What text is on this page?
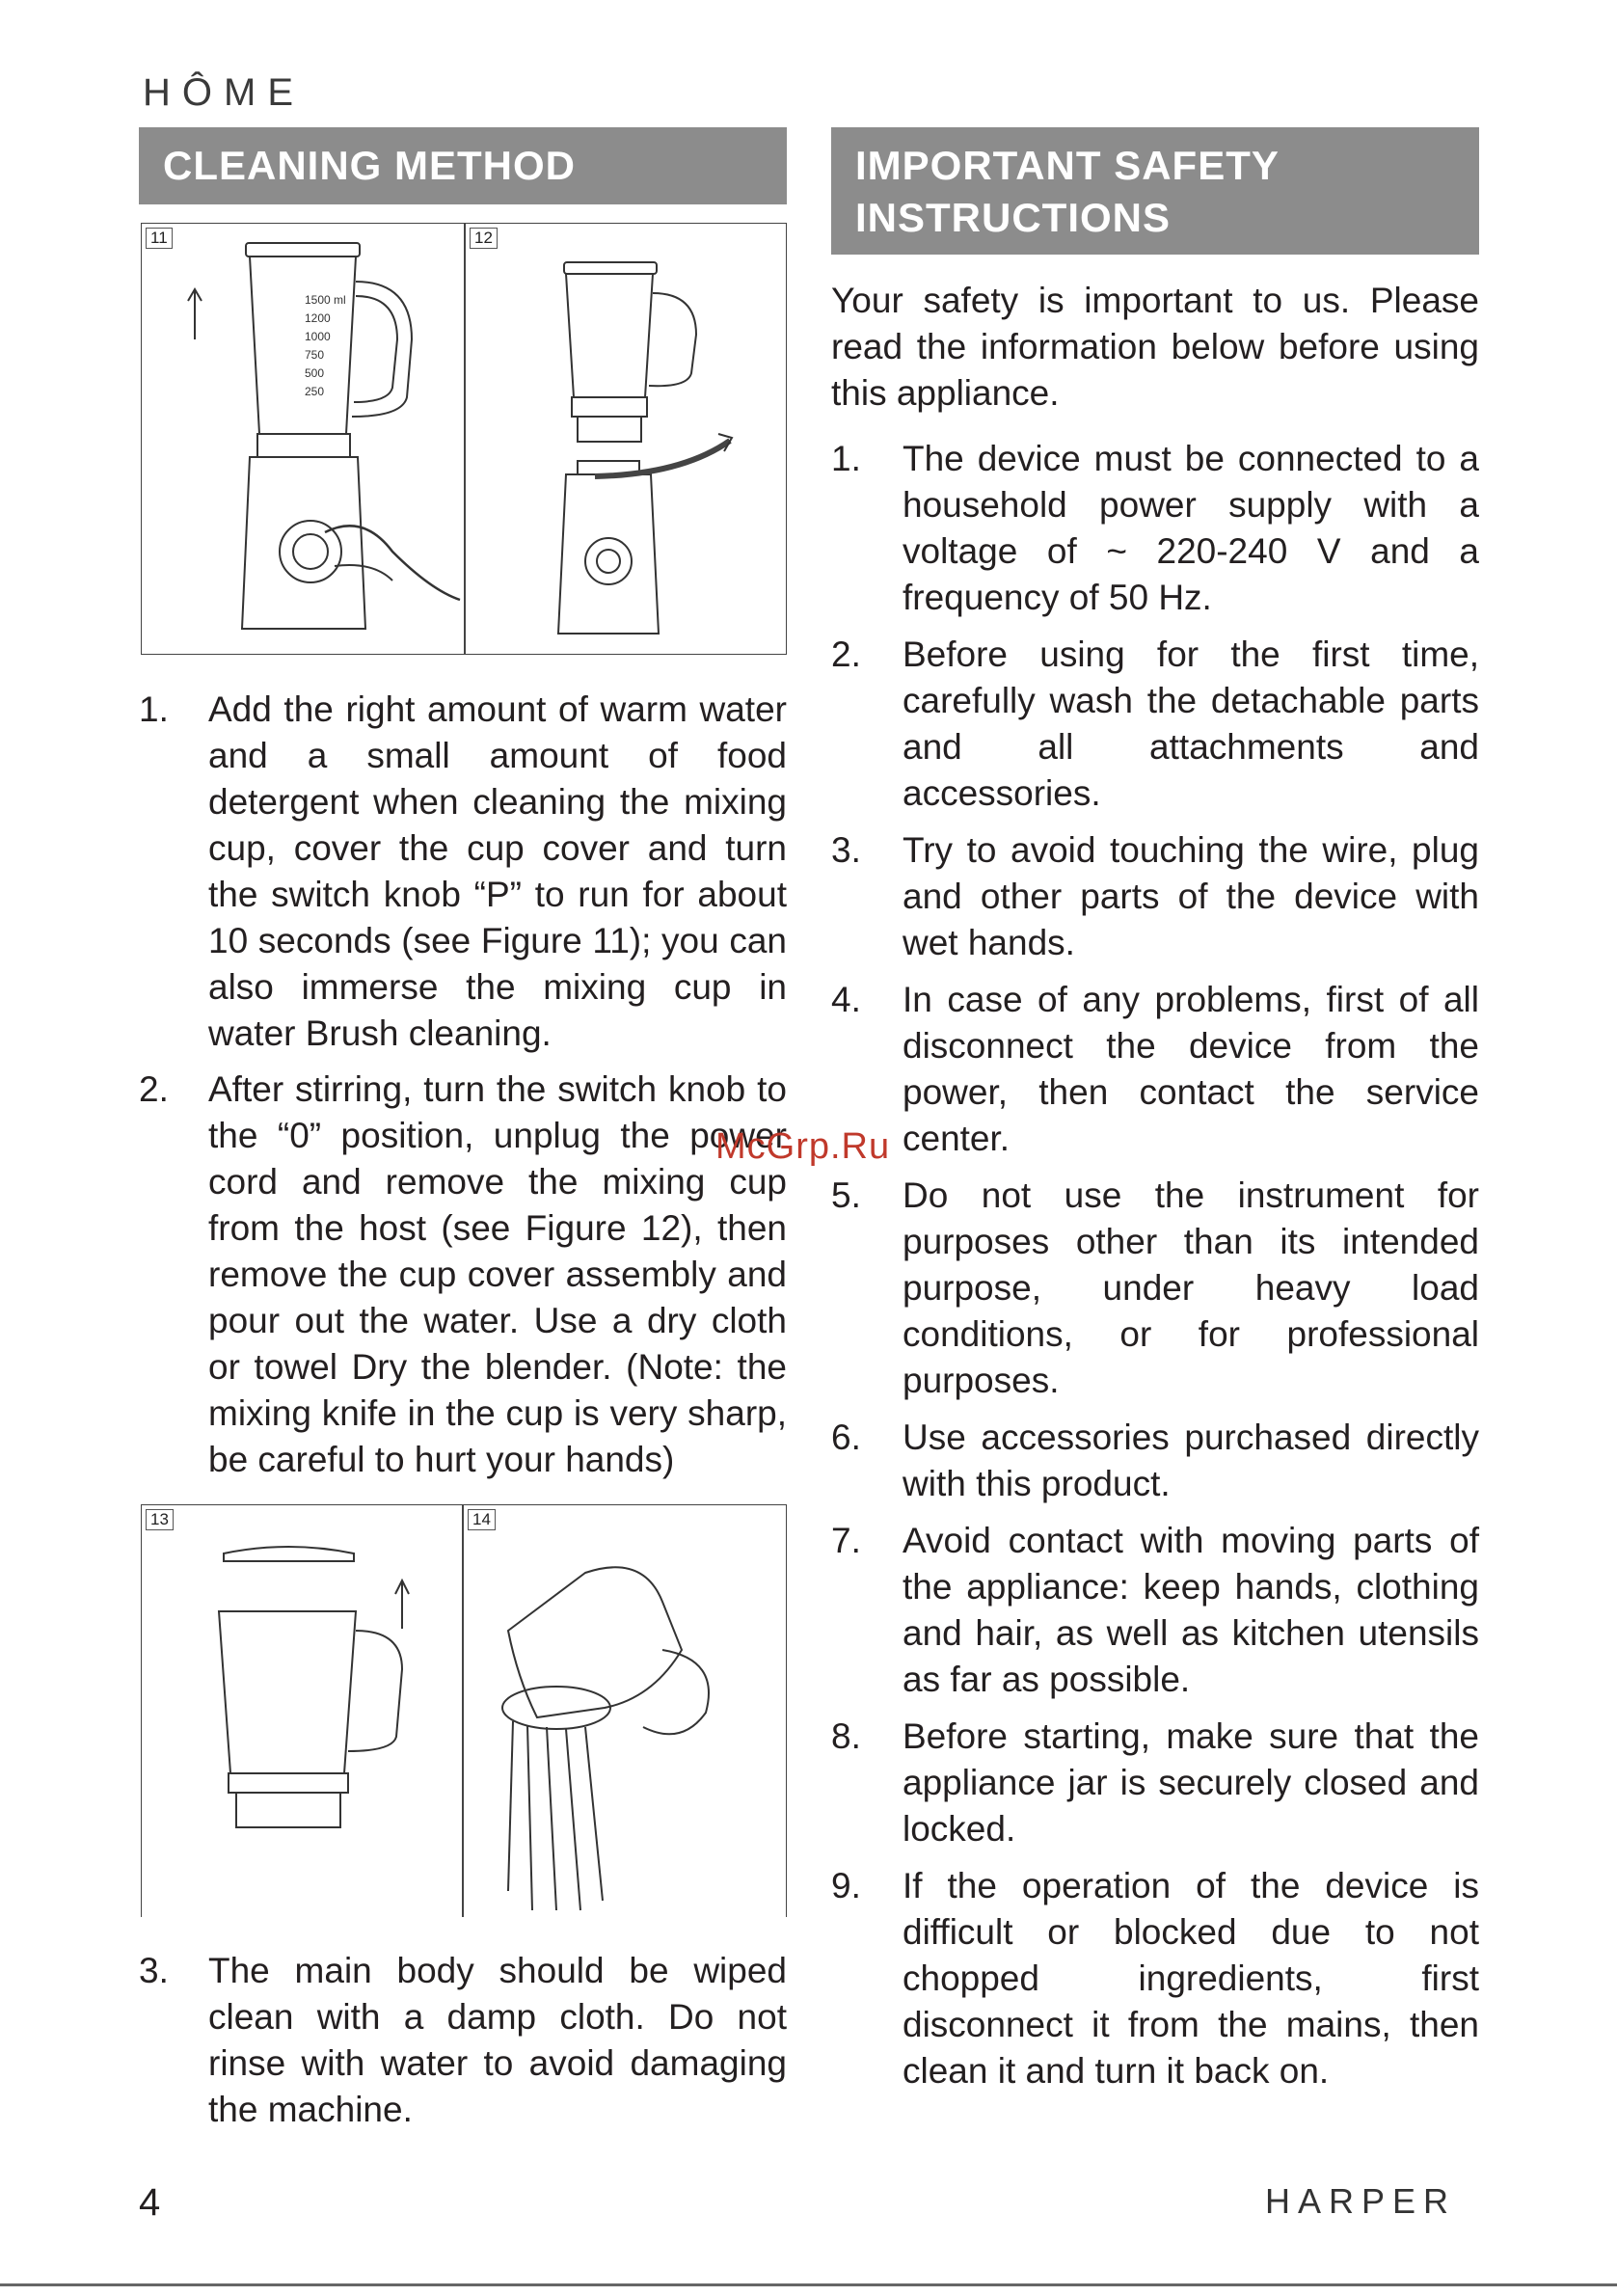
HÔME
CLEANING METHOD
11	12
1. Add the right amount of warm water and a small amount of food detergent when cleaning the mixing cup, cover the cup cover and turn the switch knob “P” to run for about 10 seconds (see Figure 11); you can also immerse the mixing cup in water Brush cleaning.
2. After stirring, turn the switch knob to the “0” position, unplug the power cord and remove the mixing cup from the host (see Figure 12), then remove the cup cover assembly and pour out the water. Use a dry cloth or towel Dry the blender. (Note: the mixing knife in the cup is very sharp, be careful to hurt your hands)
13	14
3. The main body should be wiped clean with a damp cloth. Do not rinse with water to avoid damaging the machine.
IMPORTANT SAFETY INSTRUCTIONS

Your safety is important to us. Please read the information below before using this appliance.

1. The device must be connected to a household power supply with a voltage of ~ 220-240 V and a frequency of 50 Hz.
2. Before using for the first time, carefully wash the detachable parts and all attachments and accessories.
3. Try to avoid touching the wire, plug and other parts of the device with wet hands.
4. In case of any problems, first of all disconnect the device from the power, then contact the service center.
5. Do not use the instrument for purposes other than its intended purpose, under heavy load conditions, or for professional purposes.
6. Use accessories purchased directly with this product.
7. Avoid contact with moving parts of the appliance: keep hands, clothing and hair, as well as kitchen utensils as far as possible.
8. Before starting, make sure that the appliance jar is securely closed and locked.
9. If the operation of the device is difficult or blocked due to not chopped ingredients, first disconnect it from the mains, then clean it and turn it back on.
McGrp.Ru
1500 ml
1200
1000
750
500
250
4	HARPER
